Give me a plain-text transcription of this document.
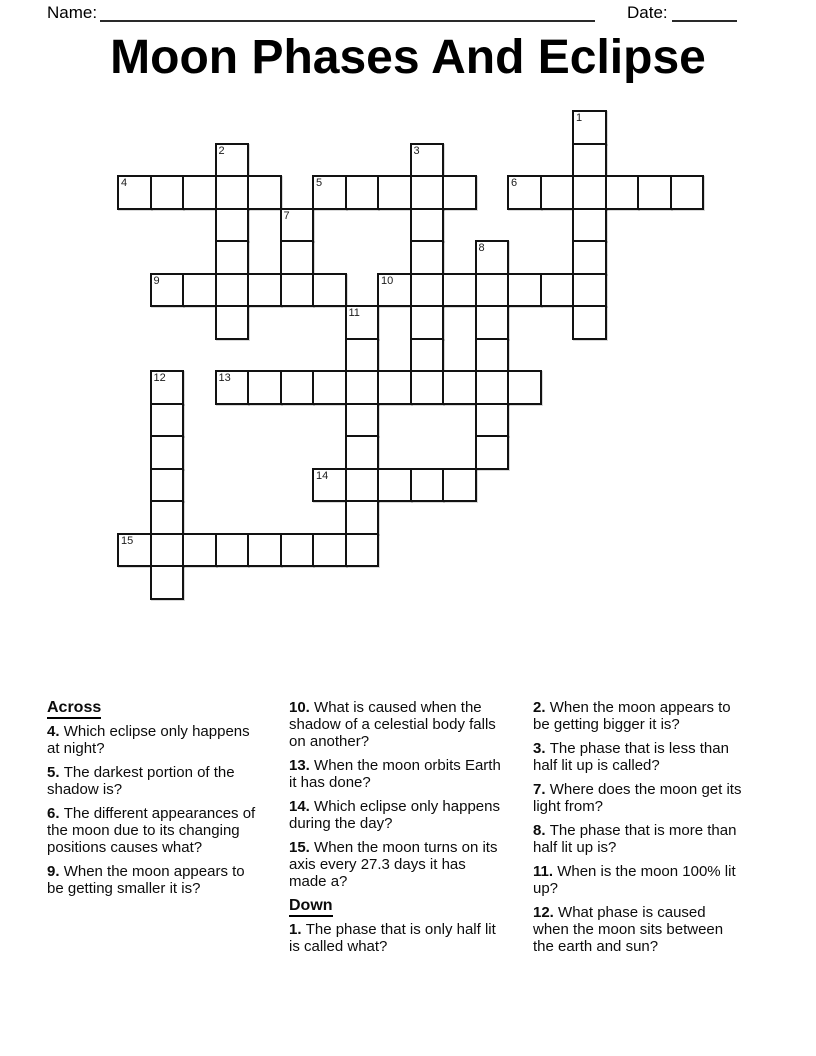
Name:	Date:
Moon Phases And Eclipse
1
2	3
4	5	6
7
8
9	10
11
12	13
14
15
Across
4. Which eclipse only happens at night?
5. The darkest portion of the shadow is?
6. The different appearances of the moon due to its changing positions causes what?
9. When the moon appears to be getting smaller it is?
10. What is caused when the shadow of a celestial body falls on another?
13. When the moon orbits Earth it has done?
14. Which eclipse only happens during the day?
15. When the moon turns on its axis every 27.3 days it has made a?
Down
1. The phase that is only half lit is called what?
2. When the moon appears to be getting bigger it is?
3. The phase that is less than half lit up is called?
7. Where does the moon get its light from?
8. The phase that is more than half lit up is?
11. When is the moon 100% lit up?
12. What phase is caused when the moon sits between the earth and sun?
